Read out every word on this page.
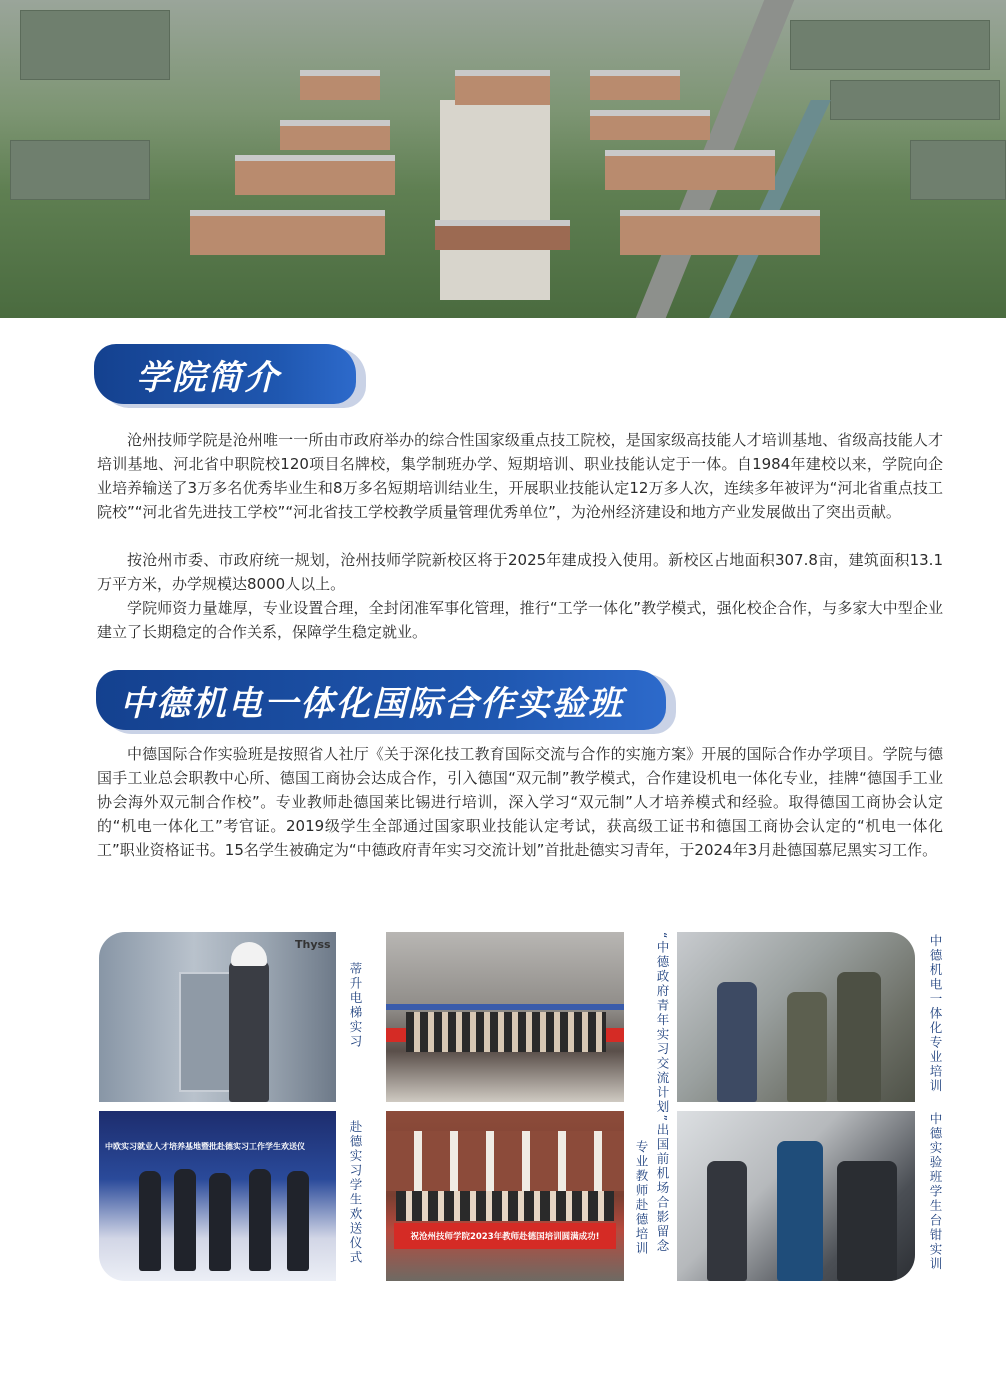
学院简介
沧州技师学院是沧州唯一一所由市政府举办的综合性国家级重点技工院校，是国家级高技能人才培训基地、省级高技能人才培训基地、河北省中职院校120项目名牌校，集学制班办学、短期培训、职业技能认定于一体。自1984年建校以来，学院向企业培养输送了3万多名优秀毕业生和8万多名短期培训结业生，开展职业技能认定12万多人次，连续多年被评为“河北省重点技工院校”“河北省先进技工学校”“河北省技工学校教学质量管理优秀单位”，为沧州经济建设和地方产业发展做出了突出贡献。
按沧州市委、市政府统一规划，沧州技师学院新校区将于2025年建成投入使用。新校区占地面积307.8亩，建筑面积13.1万平方米，办学规模达8000人以上。
学院师资力量雄厚，专业设置合理，全封闭准军事化管理，推行“工学一体化”教学模式，强化校企合作，与多家大中型企业建立了长期稳定的合作关系，保障学生稳定就业。
中德机电一体化国际合作实验班
中德国际合作实验班是按照省人社厅《关于深化技工教育国际交流与合作的实施方案》开展的国际合作办学项目。学院与德国手工业总会职教中心所、德国工商协会达成合作，引入德国“双元制”教学模式，合作建设机电一体化专业，挂牌“德国手工业协会海外双元制合作校”。专业教师赴德国莱比锡进行培训，深入学习“双元制”人才培养模式和经验。取得德国工商协会认定的“机电一体化工”考官证。2019级学生全部通过国家职业技能认定考试，获高级工证书和德国工商协会认定的“机电一体化工”职业资格证书。15名学生被确定为“中德政府青年实习交流计划”首批赴德实习青年，于2024年3月赴德国慕尼黑实习工作。
Thyss
蒂升电梯实习	“中德政府青年实习交流计划”出国前机场合影留念	中德机电一体化专业培训
中欧实习就业人才培养基地暨批赴德实习工作学生欢送仪	赴德实习学生欢送仪式	祝沧州技师学院2023年教师赴德国培训圆满成功!	专业教师赴德培训	中德实验班学生台钳实训
